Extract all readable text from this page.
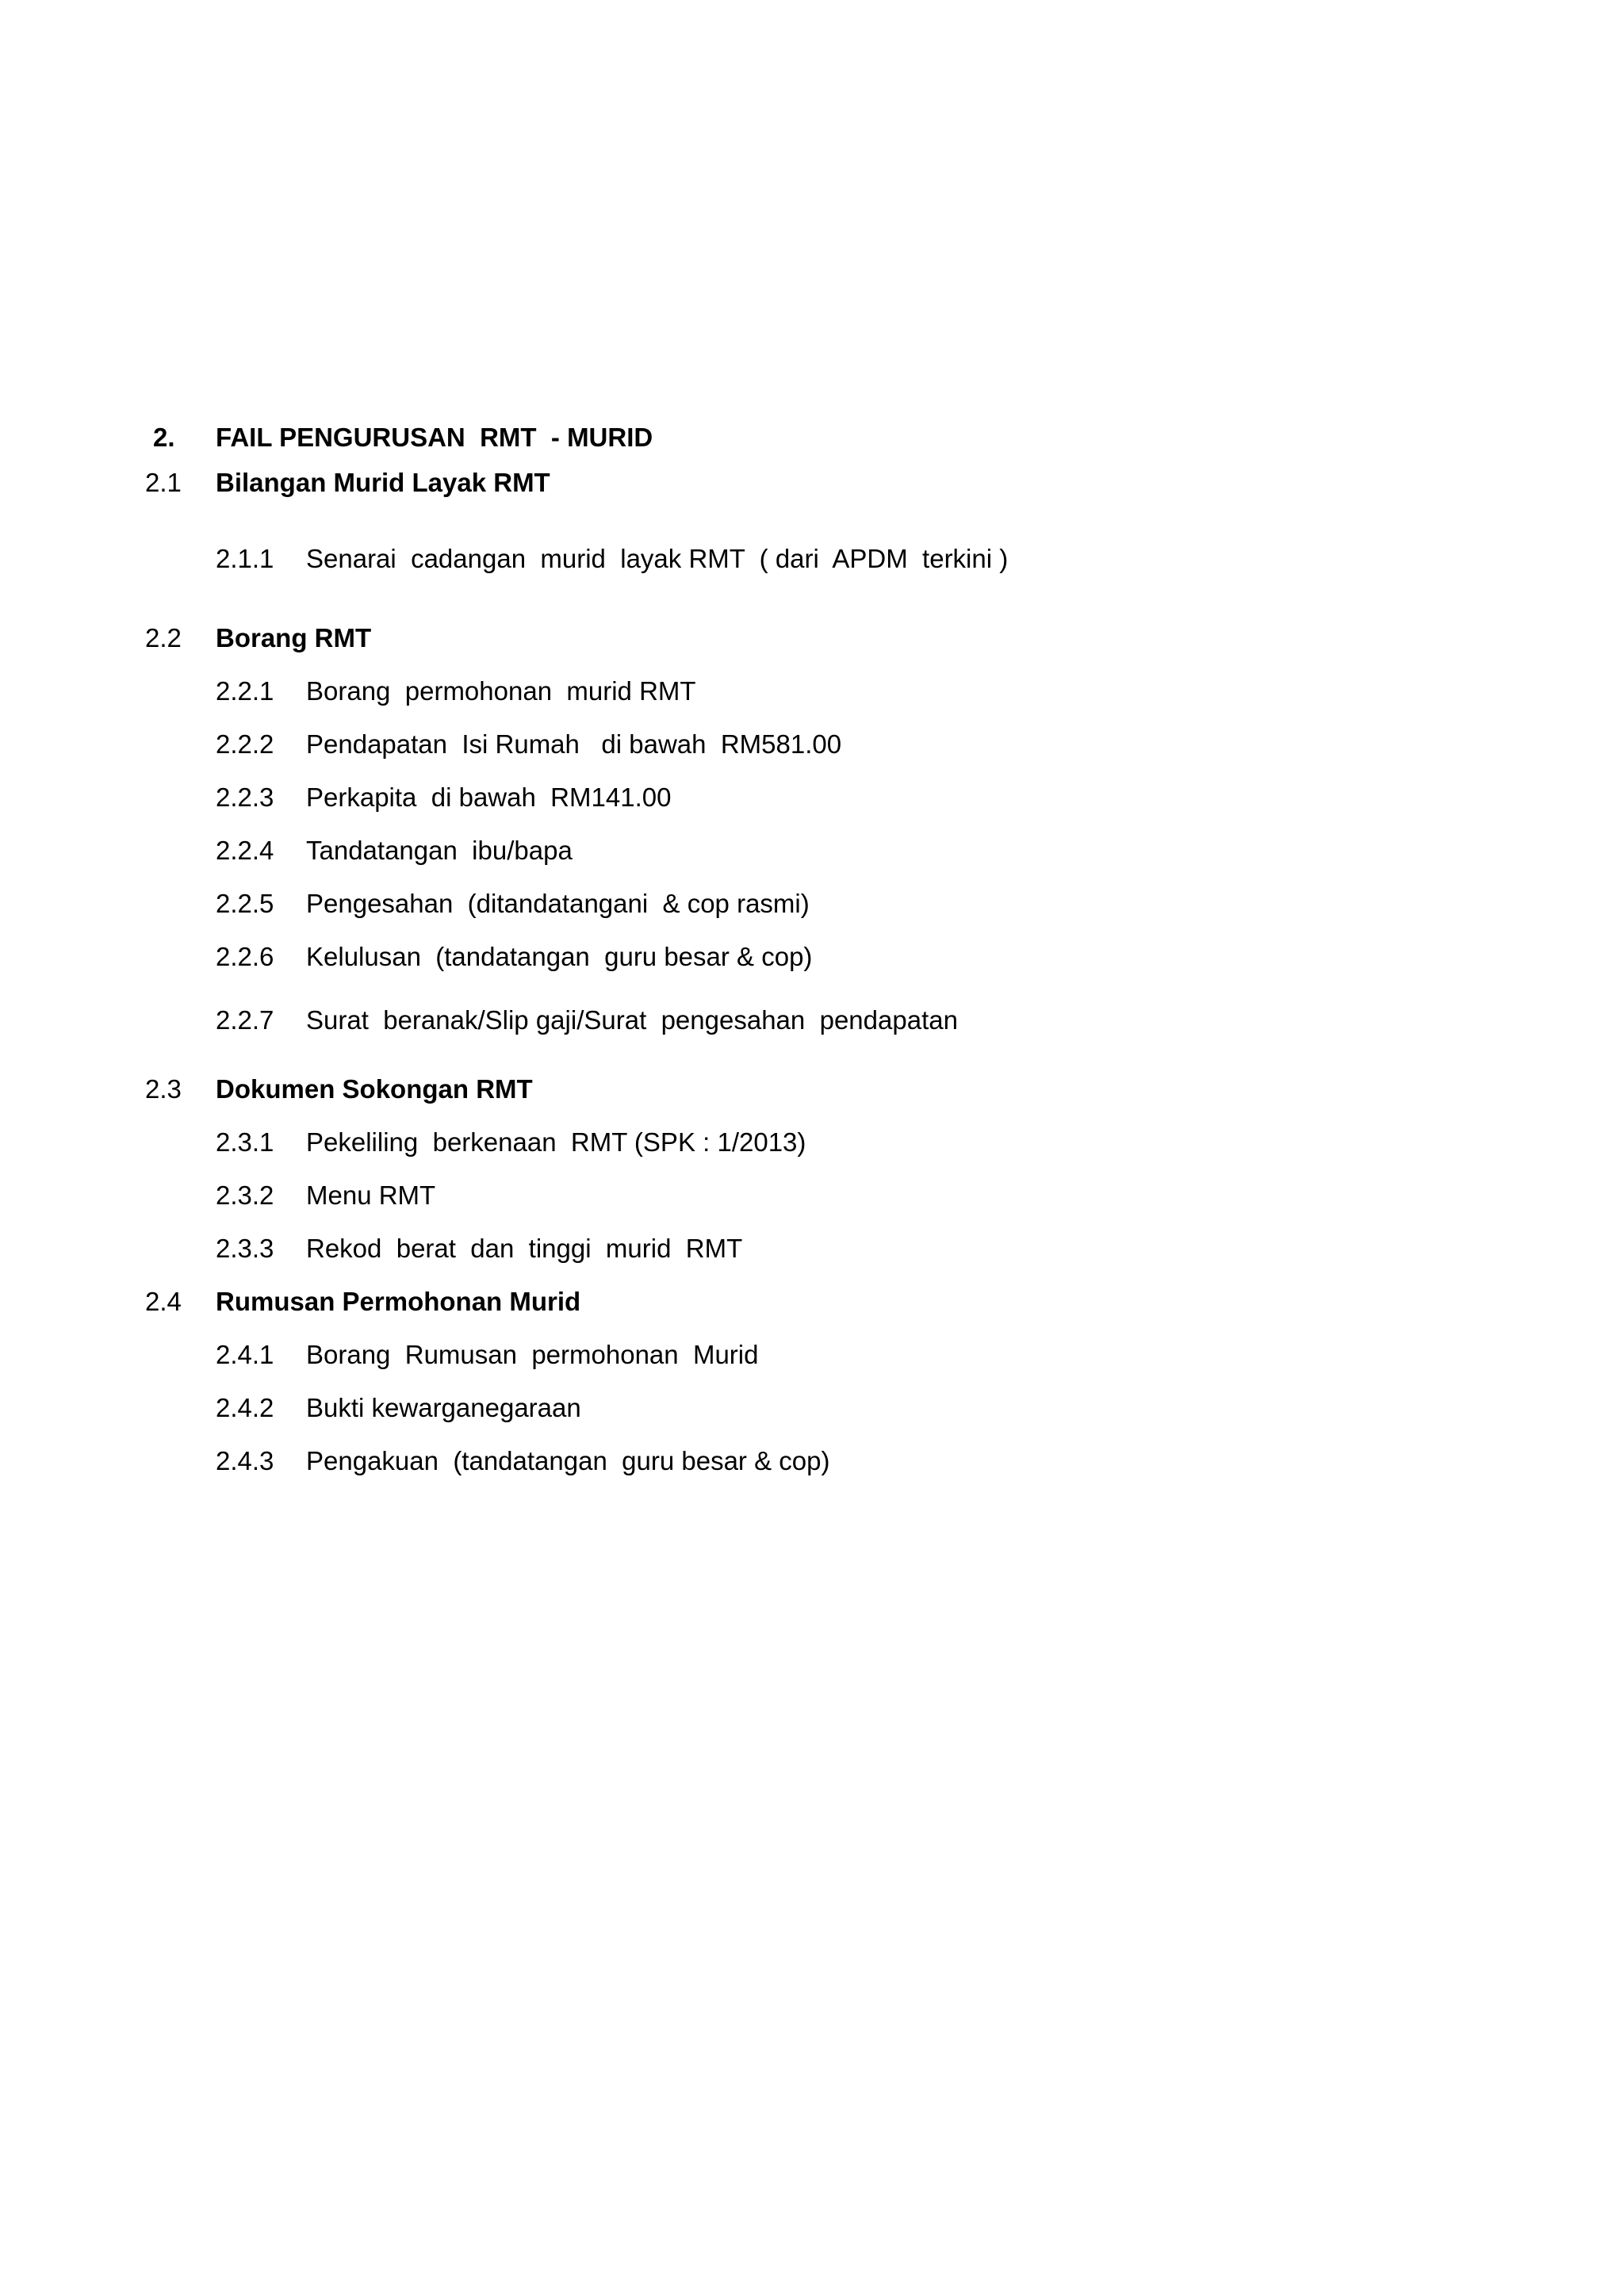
2.

FAIL PENGURUSAN  RMT  - MURID

2.1

Bilangan Murid Layak RMT

2.1.1

Senarai  cadangan  murid  layak RMT  ( dari  APDM  terkini )

2.2

Borang RMT

2.2.1

Borang  permohonan  murid RMT

2.2.2

Pendapatan  Isi Rumah   di bawah  RM581.00

2.2.3

Perkapita  di bawah  RM141.00

2.2.4

Tandatangan  ibu/bapa

2.2.5

Pengesahan  (ditandatangani  & cop rasmi)

2.2.6

Kelulusan  (tandatangan  guru besar & cop)

2.2.7

Surat  beranak/Slip gaji/Surat  pengesahan  pendapatan

2.3

Dokumen Sokongan RMT

2.3.1

Pekeliling  berkenaan  RMT (SPK : 1/2013)

2.3.2

Menu RMT

2.3.3

Rekod  berat  dan  tinggi  murid  RMT

2.4

Rumusan Permohonan Murid

2.4.1

Borang  Rumusan  permohonan  Murid

2.4.2

Bukti kewarganegaraan

2.4.3

Pengakuan  (tandatangan  guru besar & cop)
